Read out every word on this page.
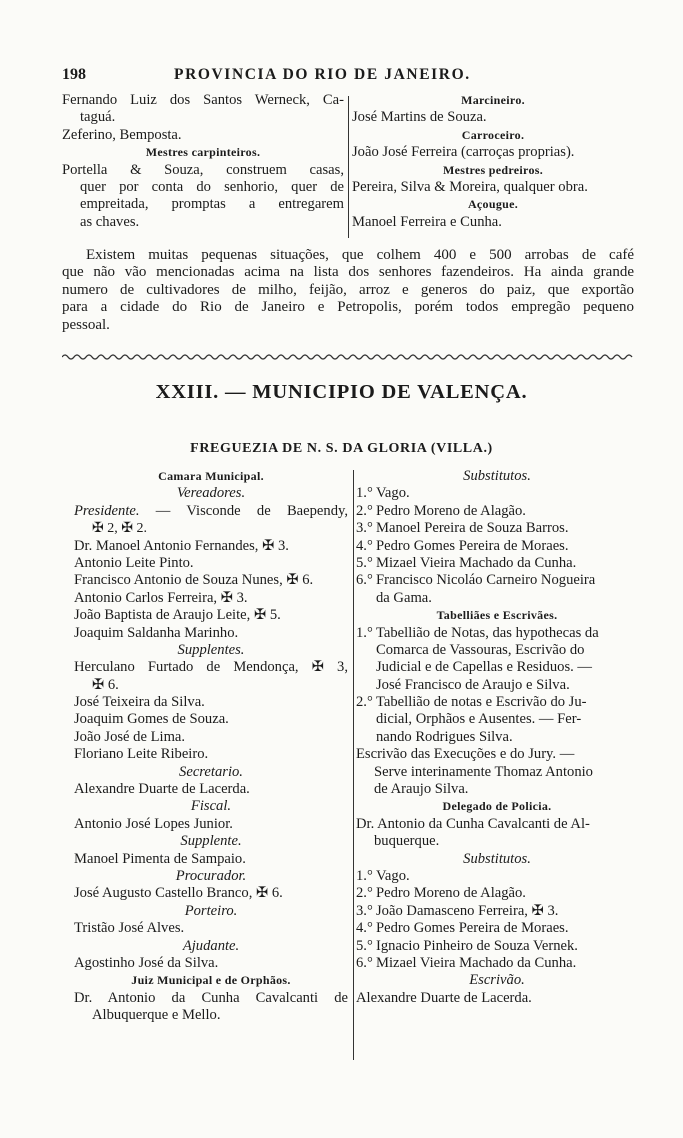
198	PROVINCIA DO RIO DE JANEIRO.
Fernando Luiz dos Santos Werneck, Ca-
taguá.
Zeferino, Bemposta.
Mestres carpinteiros.
Portella & Souza, construem casas,
quer por conta do senhorio, quer de
empreitada, promptas a entregarem
as chaves.
Marcineiro.
José Martins de Souza.
Carroceiro.
João José Ferreira (carroças proprias).
Mestres pedreiros.
Pereira, Silva & Moreira, qualquer obra.
Açougue.
Manoel Ferreira e Cunha.
Existem muitas pequenas situações, que colhem 400 e 500 arrobas de café
que não vão mencionadas acima na lista dos senhores fazendeiros. Ha ainda grande
numero de cultivadores de milho, feijão, arroz e generos do paiz, que exportão
para a cidade do Rio de Janeiro e Petropolis, porém todos empregão pequeno
pessoal.
XXIII. — MUNICIPIO DE VALENÇA.
FREGUEZIA DE N. S. DA GLORIA (VILLA.)
Camara Municipal.
Vereadores.
Presidente. — Visconde de Baependy,
✠ 2, ✠ 2.
Dr. Manoel Antonio Fernandes, ✠ 3.
Antonio Leite Pinto.
Francisco Antonio de Souza Nunes, ✠ 6.
Antonio Carlos Ferreira, ✠ 3.
João Baptista de Araujo Leite, ✠ 5.
Joaquim Saldanha Marinho.
Supplentes.
Herculano Furtado de Mendonça, ✠ 3,
✠ 6.
José Teixeira da Silva.
Joaquim Gomes de Souza.
João José de Lima.
Floriano Leite Ribeiro.
Secretario.
Alexandre Duarte de Lacerda.
Fiscal.
Antonio José Lopes Junior.
Supplente.
Manoel Pimenta de Sampaio.
Procurador.
José Augusto Castello Branco, ✠ 6.
Porteiro.
Tristão José Alves.
Ajudante.
Agostinho José da Silva.
Juiz Municipal e de Orphãos.
Dr. Antonio da Cunha Cavalcanti de
Albuquerque e Mello.
Substitutos.
1.° Vago.
2.° Pedro Moreno de Alagão.
3.° Manoel Pereira de Souza Barros.
4.° Pedro Gomes Pereira de Moraes.
5.° Mizael Vieira Machado da Cunha.
6.° Francisco Nicoláo Carneiro Nogueira
da Gama.
Tabelliães e Escrivães.
1.° Tabellião de Notas, das hypothecas da
Comarca de Vassouras, Escrivão do
Judicial e de Capellas e Residuos. —
José Francisco de Araujo e Silva.
2.° Tabellião de notas e Escrivão do Ju-
dicial, Orphãos e Ausentes. — Fer-
nando Rodrigues Silva.
Escrivão das Execuções e do Jury. —
Serve interinamente Thomaz Antonio
de Araujo Silva.
Delegado de Policia.
Dr. Antonio da Cunha Cavalcanti de Al-
buquerque.
Substitutos.
1.° Vago.
2.° Pedro Moreno de Alagão.
3.° João Damasceno Ferreira, ✠ 3.
4.° Pedro Gomes Pereira de Moraes.
5.° Ignacio Pinheiro de Souza Vernek.
6.° Mizael Vieira Machado da Cunha.
Escrivão.
Alexandre Duarte de Lacerda.
